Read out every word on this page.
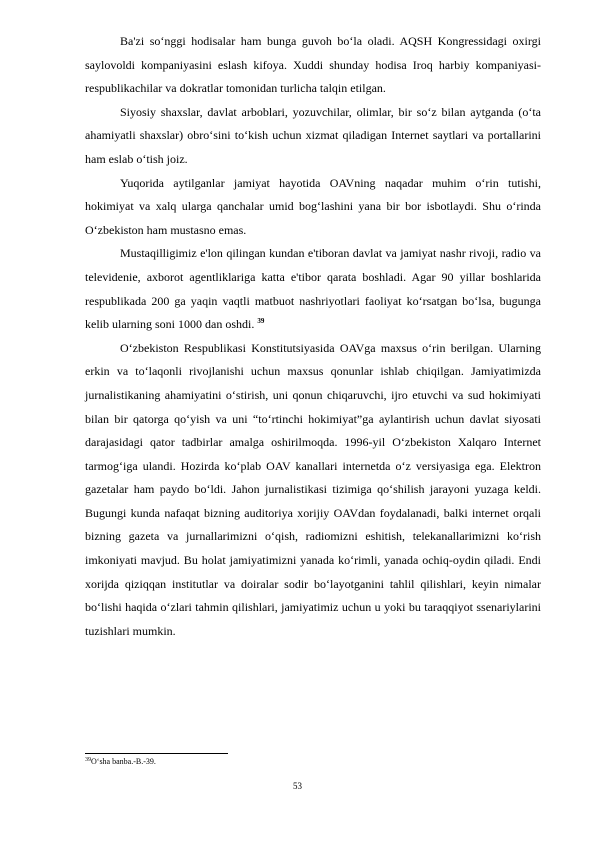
Ba'zi so‘nggi hodisalar ham bunga guvoh bo‘la oladi. AQSH Kongressidagi oxirgi saylovoldi kompaniyasini eslash kifoya. Xuddi shunday hodisa Iroq harbiy kompaniyasi-respublikachilar va dokratlar tomonidan turlicha talqin etilgan.

Siyosiy shaxslar, davlat arboblari, yozuvchilar, olimlar, bir so‘z bilan aytganda (o‘ta ahamiyatli shaxslar) obro‘sini to‘kish uchun xizmat qiladigan Internet saytlari va portallarini ham eslab o‘tish joiz.

Yuqorida aytilganlar jamiyat hayotida OAVning naqadar muhim o‘rin tutishi, hokimiyat va xalq ularga qanchalar umid bog‘lashini yana bir bor isbotlaydi. Shu o‘rinda O‘zbekiston ham mustasno emas.

Mustaqilligimiz e'lon qilingan kundan e'tiboran davlat va jamiyat nashr rivoji, radio va televidenie, axborot agentliklariga katta e'tibor qarata boshladi. Agar 90 yillar boshlarida respublikada 200 ga yaqin vaqtli matbuot nashriyotlari faoliyat ko‘rsatgan bo‘lsa, bugunga kelib ularning soni 1000 dan oshdi. $^{39}$

O‘zbekiston Respublikasi Konstitutsiyasida OAVga maxsus o‘rin berilgan. Ularning erkin va to‘laqonli rivojlanishi uchun maxsus qonunlar ishlab chiqilgan. Jamiyatimizda jurnalistikaning ahamiyatini o‘stirish, uni qonun chiqaruvchi, ijro etuvchi va sud hokimiyati bilan bir qatorga qo‘yish va uni “to‘rtinchi hokimiyat”ga aylantirish uchun davlat siyosati darajasidagi qator tadbirlar amalga oshirilmoqda. 1996-yil O‘zbekiston Xalqaro Internet tarmog‘iga ulandi. Hozirda ko‘plab OAV kanallari internetda o‘z versiyasiga ega. Elektron gazetalar ham paydo bo‘ldi. Jahon jurnalistikasi tizimiga qo‘shilish jarayoni yuzaga keldi. Bugungi kunda nafaqat bizning auditoriya xorijiy OAVdan foydalanadi, balki internet orqali bizning gazeta va jurnallarimizni o‘qish, radiomizni eshitish, telekanallarimizni ko‘rish imkoniyati mavjud. Bu holat jamiyatimizni yanada ko‘rimli, yanada ochiq-oydin qiladi. Endi xorijda qiziqqan institutlar va doiralar sodir bo‘layotganini tahlil qilishlari, keyin nimalar bo‘lishi haqida o‘zlari tahmin qilishlari, jamiyatimiz uchun u yoki bu taraqqiyot ssenariylarini tuzishlari mumkin.

$^{39}$O‘sha banba.-B.-39.
53
